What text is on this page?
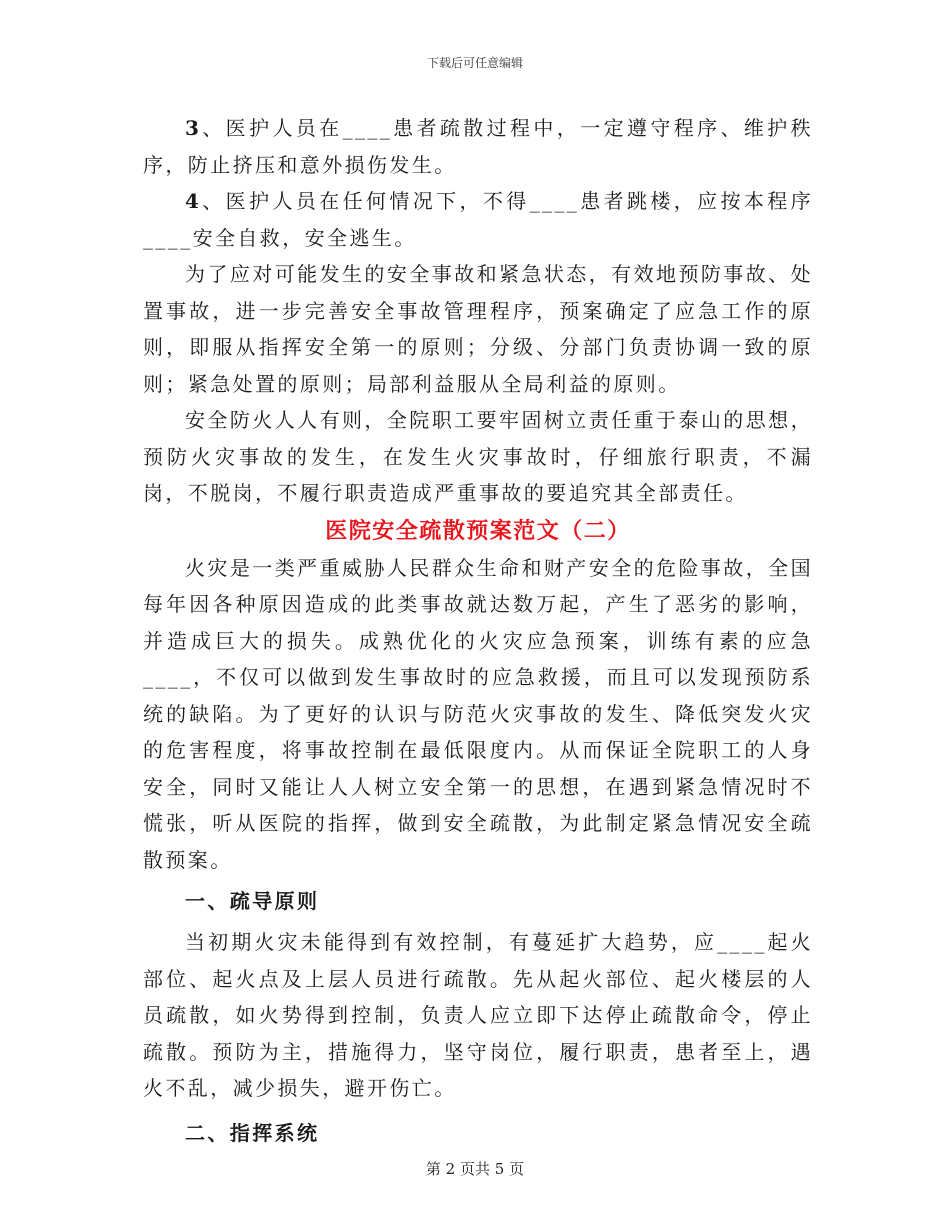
下载后可任意编辑

3、医护人员在____患者疏散过程中，一定遵守程序、维护秩序，防止挤压和意外损伤发生。

4、医护人员在任何情况下，不得____患者跳楼，应按本程序____安全自救，安全逃生。

为了应对可能发生的安全事故和紧急状态，有效地预防事故、处置事故，进一步完善安全事故管理程序，预案确定了应急工作的原则，即服从指挥安全第一的原则；分级、分部门负责协调一致的原则；紧急处置的原则；局部利益服从全局利益的原则。

安全防火人人有则，全院职工要牢固树立责任重于泰山的思想，预防火灾事故的发生，在发生火灾事故时，仔细旅行职责，不漏岗，不脱岗，不履行职责造成严重事故的要追究其全部责任。

医院安全疏散预案范文（二）

火灾是一类严重威胁人民群众生命和财产安全的危险事故，全国每年因各种原因造成的此类事故就达数万起，产生了恶劣的影响，并造成巨大的损失。成熟优化的火灾应急预案，训练有素的应急____，不仅可以做到发生事故时的应急救援，而且可以发现预防系统的缺陷。为了更好的认识与防范火灾事故的发生、降低突发火灾的危害程度，将事故控制在最低限度内。从而保证全院职工的人身安全，同时又能让人人树立安全第一的思想，在遇到紧急情况时不慌张，听从医院的指挥，做到安全疏散，为此制定紧急情况安全疏散预案。

一、疏导原则

当初期火灾未能得到有效控制，有蔓延扩大趋势，应____起火部位、起火点及上层人员进行疏散。先从起火部位、起火楼层的人员疏散，如火势得到控制，负责人应立即下达停止疏散命令，停止疏散。预防为主，措施得力，坚守岗位，履行职责，患者至上，遇火不乱，减少损失，避开伤亡。

二、指挥系统
第 2 页共 5 页
